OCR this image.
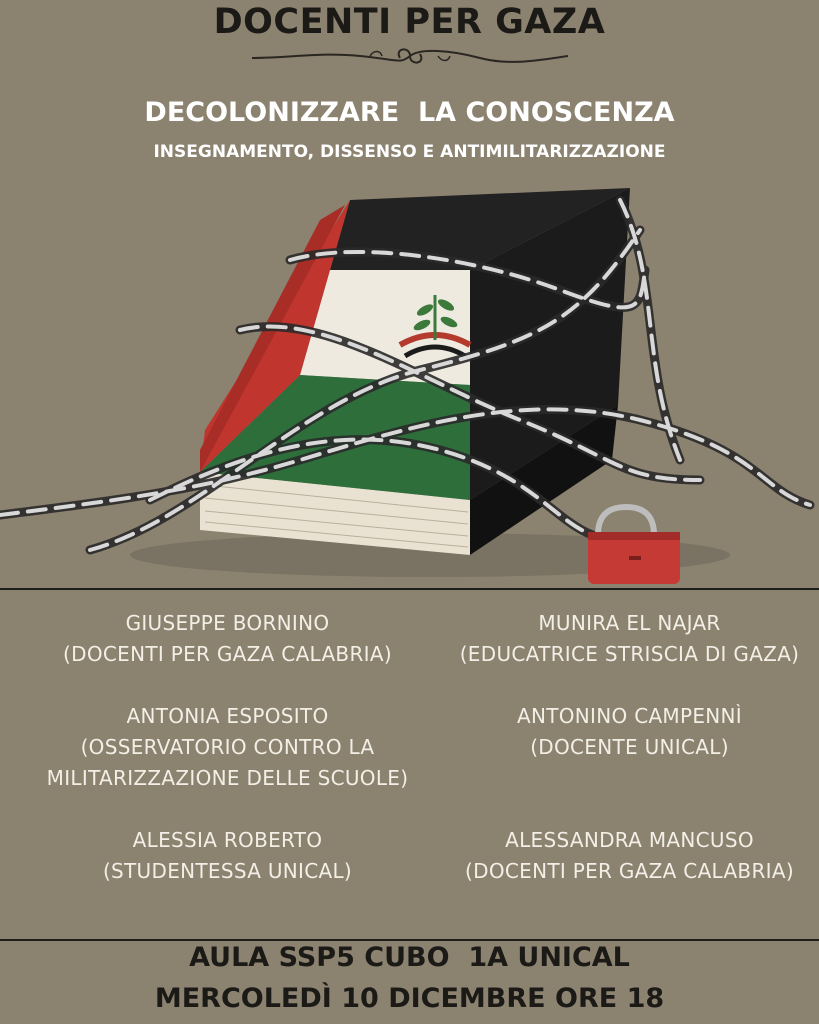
DOCENTI PER GAZA
DECOLONIZZARE  LA CONOSCENZA
INSEGNAMENTO, DISSENSO E ANTIMILITARIZZAZIONE
GIUSEPPE BORNINO
(DOCENTI PER GAZA CALABRIA)
MUNIRA EL NAJAR
(EDUCATRICE STRISCIA DI GAZA)
ANTONIA ESPOSITO
(OSSERVATORIO CONTRO LA
MILITARIZZAZIONE DELLE SCUOLE)
ANTONINO CAMPENNÌ
(DOCENTE UNICAL)
ALESSIA ROBERTO
(STUDENTESSA UNICAL)
ALESSANDRA MANCUSO
(DOCENTI PER GAZA CALABRIA)
AULA SSP5 CUBO  1A UNICAL
MERCOLEDÌ 10 DICEMBRE ORE 18
